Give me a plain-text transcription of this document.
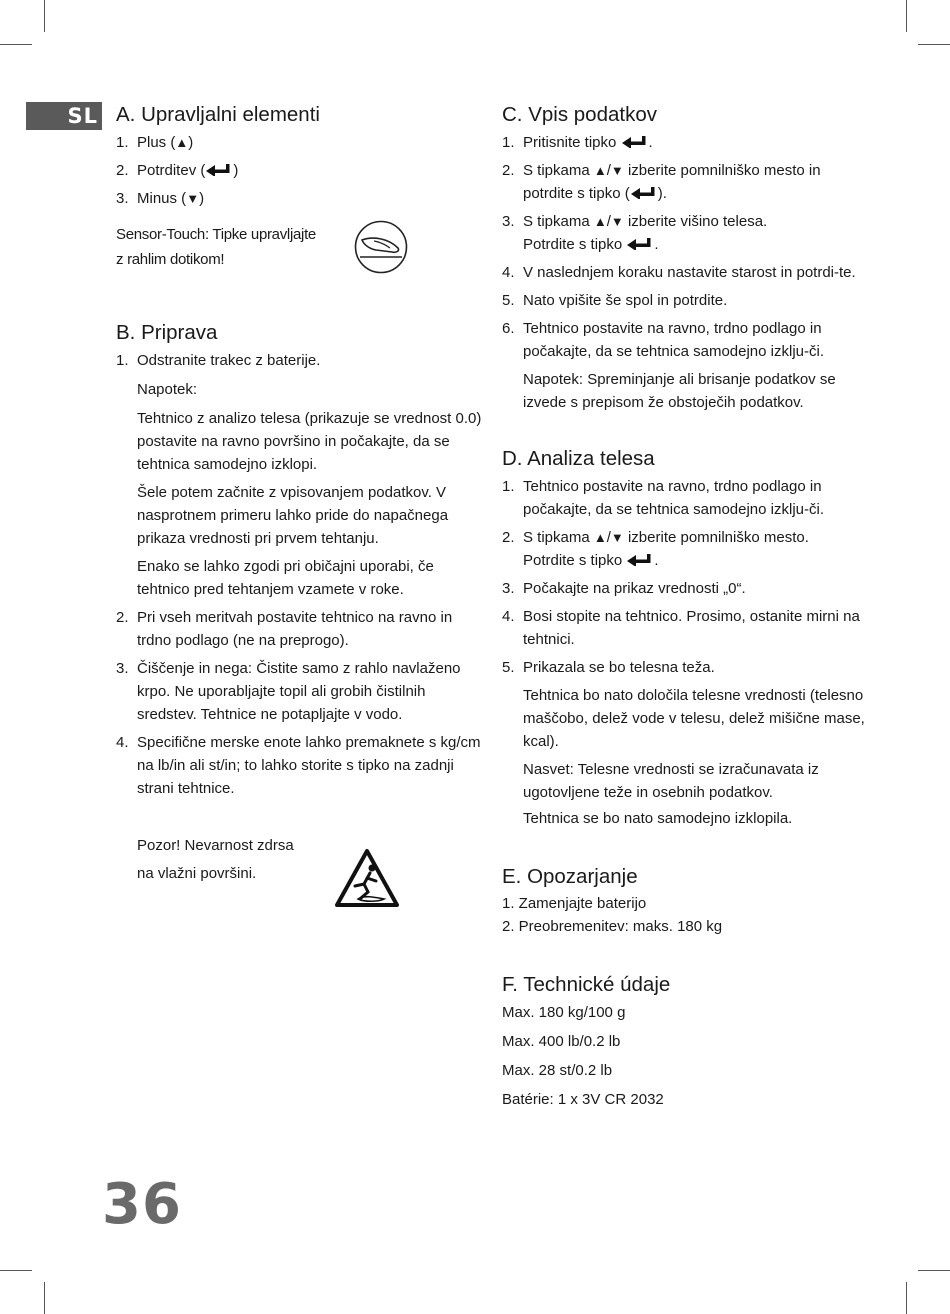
SL A. Upravljalni elementi
1. Plus (▲)
2. Potrditev ( )
3. Minus (▼)
Sensor-Touch: Tipke upravljajte
z rahlim dotikom!
B. Priprava
1. Odstranite trakec z baterije.
Napotek:
Tehtnico z analizo telesa (prikazuje se vrednost 0.0) postavite na ravno površino in počakajte, da se tehtnica samodejno izklopi.
Šele potem začnite z vpisovanjem podatkov. V nasprotnem primeru lahko pride do napačnega prikaza vrednosti pri prvem tehtanju.
Enako se lahko zgodi pri običajni uporabi, če tehtnico pred tehtanjem vzamete v roke.
2. Pri vseh meritvah postavite tehtnico na ravno in trdno podlago (ne na preprogo).
3. Čiščenje in nega: Čistite samo z rahlo navlaženo krpo. Ne uporabljajte topil ali grobih čistilnih sredstev. Tehtnice ne potapljajte v vodo.
4. Specifične merske enote lahko premaknete s kg/cm na lb/in ali st/in; to lahko storite s tipko na zadnji strani tehtnice.
Pozor! Nevarnost zdrsa
na vlažni površini.
C. Vpis podatkov
1. Pritisnite tipko .
2. S tipkama ▲/▼ izberite pomnilniško mesto in potrdite s tipko ( ).
3. S tipkama ▲/▼ izberite višino telesa.
Potrdite s tipko .
4. V naslednjem koraku nastavite starost in potrdi-te.
5. Nato vpišite še spol in potrdite.
6. Tehtnico postavite na ravno, trdno podlago in počakajte, da se tehtnica samodejno izklju-či.
Napotek: Spreminjanje ali brisanje podatkov se izvede s prepisom že obstoječih podatkov.
D. Analiza telesa
1. Tehtnico postavite na ravno, trdno podlago in počakajte, da se tehtnica samodejno izklju-či.
2. S tipkama ▲/▼ izberite pomnilniško mesto.
Potrdite s tipko .
3. Počakajte na prikaz vrednosti „0“.
4. Bosi stopite na tehtnico. Prosimo, ostanite mirni na tehtnici.
5. Prikazala se bo telesna teža.
Tehtnica bo nato določila telesne vrednosti (telesno maščobo, delež vode v telesu, delež mišične mase, kcal).
Nasvet: Telesne vrednosti se izračunavata iz ugotovljene teže in osebnih podatkov.
Tehtnica se bo nato samodejno izklopila.
E. Opozarjanje
1. Zamenjajte baterijo
2. Preobremenitev: maks. 180 kg
F. Technické údaje
Max. 180 kg/100 g
Max. 400 lb/0.2 lb
Max. 28 st/0.2 lb
Batérie: 1 x 3V CR 2032
36
